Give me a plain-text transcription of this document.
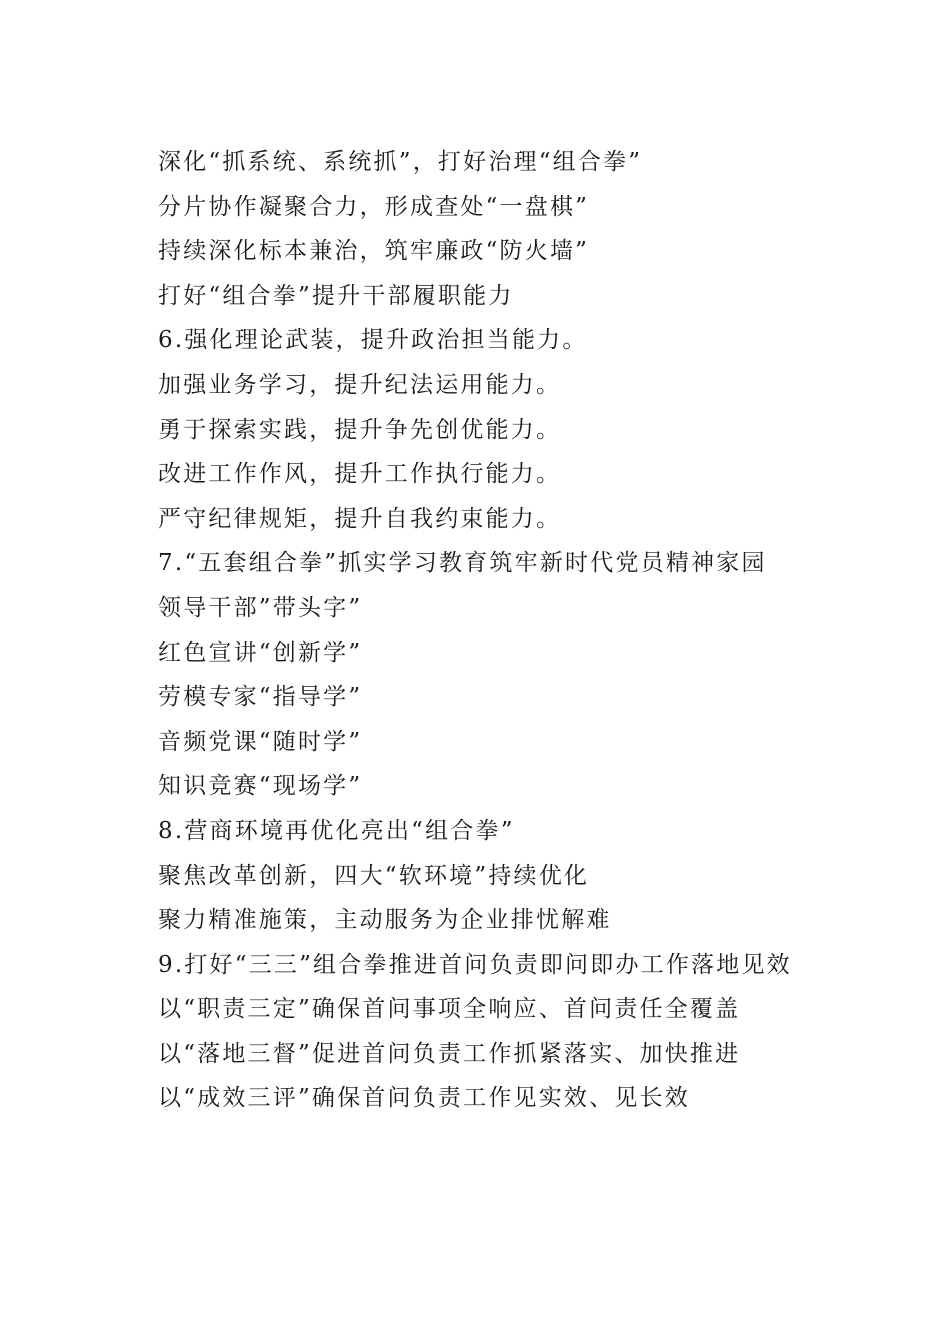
深化“抓系统、系统抓”，打好治理“组合拳”
分片协作凝聚合力，形成查处“一盘棋”
持续深化标本兼治，筑牢廉政“防火墙”
打好“组合拳”提升干部履职能力
6.强化理论武装，提升政治担当能力。
加强业务学习，提升纪法运用能力。
勇于探索实践，提升争先创优能力。
改进工作作风，提升工作执行能力。
严守纪律规矩，提升自我约束能力。
7.“五套组合拳”抓实学习教育筑牢新时代党员精神家园
领导干部”带头字”
红色宣讲“创新学”
劳模专家“指导学”
音频党课“随时学”
知识竞赛“现场学”
8.营商环境再优化亮出“组合拳”
聚焦改革创新，四大“软环境”持续优化
聚力精准施策，主动服务为企业排忧解难
9.打好“三三”组合拳推进首问负责即问即办工作落地见效
以“职责三定”确保首问事项全响应、首问责任全覆盖
以“落地三督”促进首问负责工作抓紧落实、加快推进
以“成效三评”确保首问负责工作见实效、见长效
